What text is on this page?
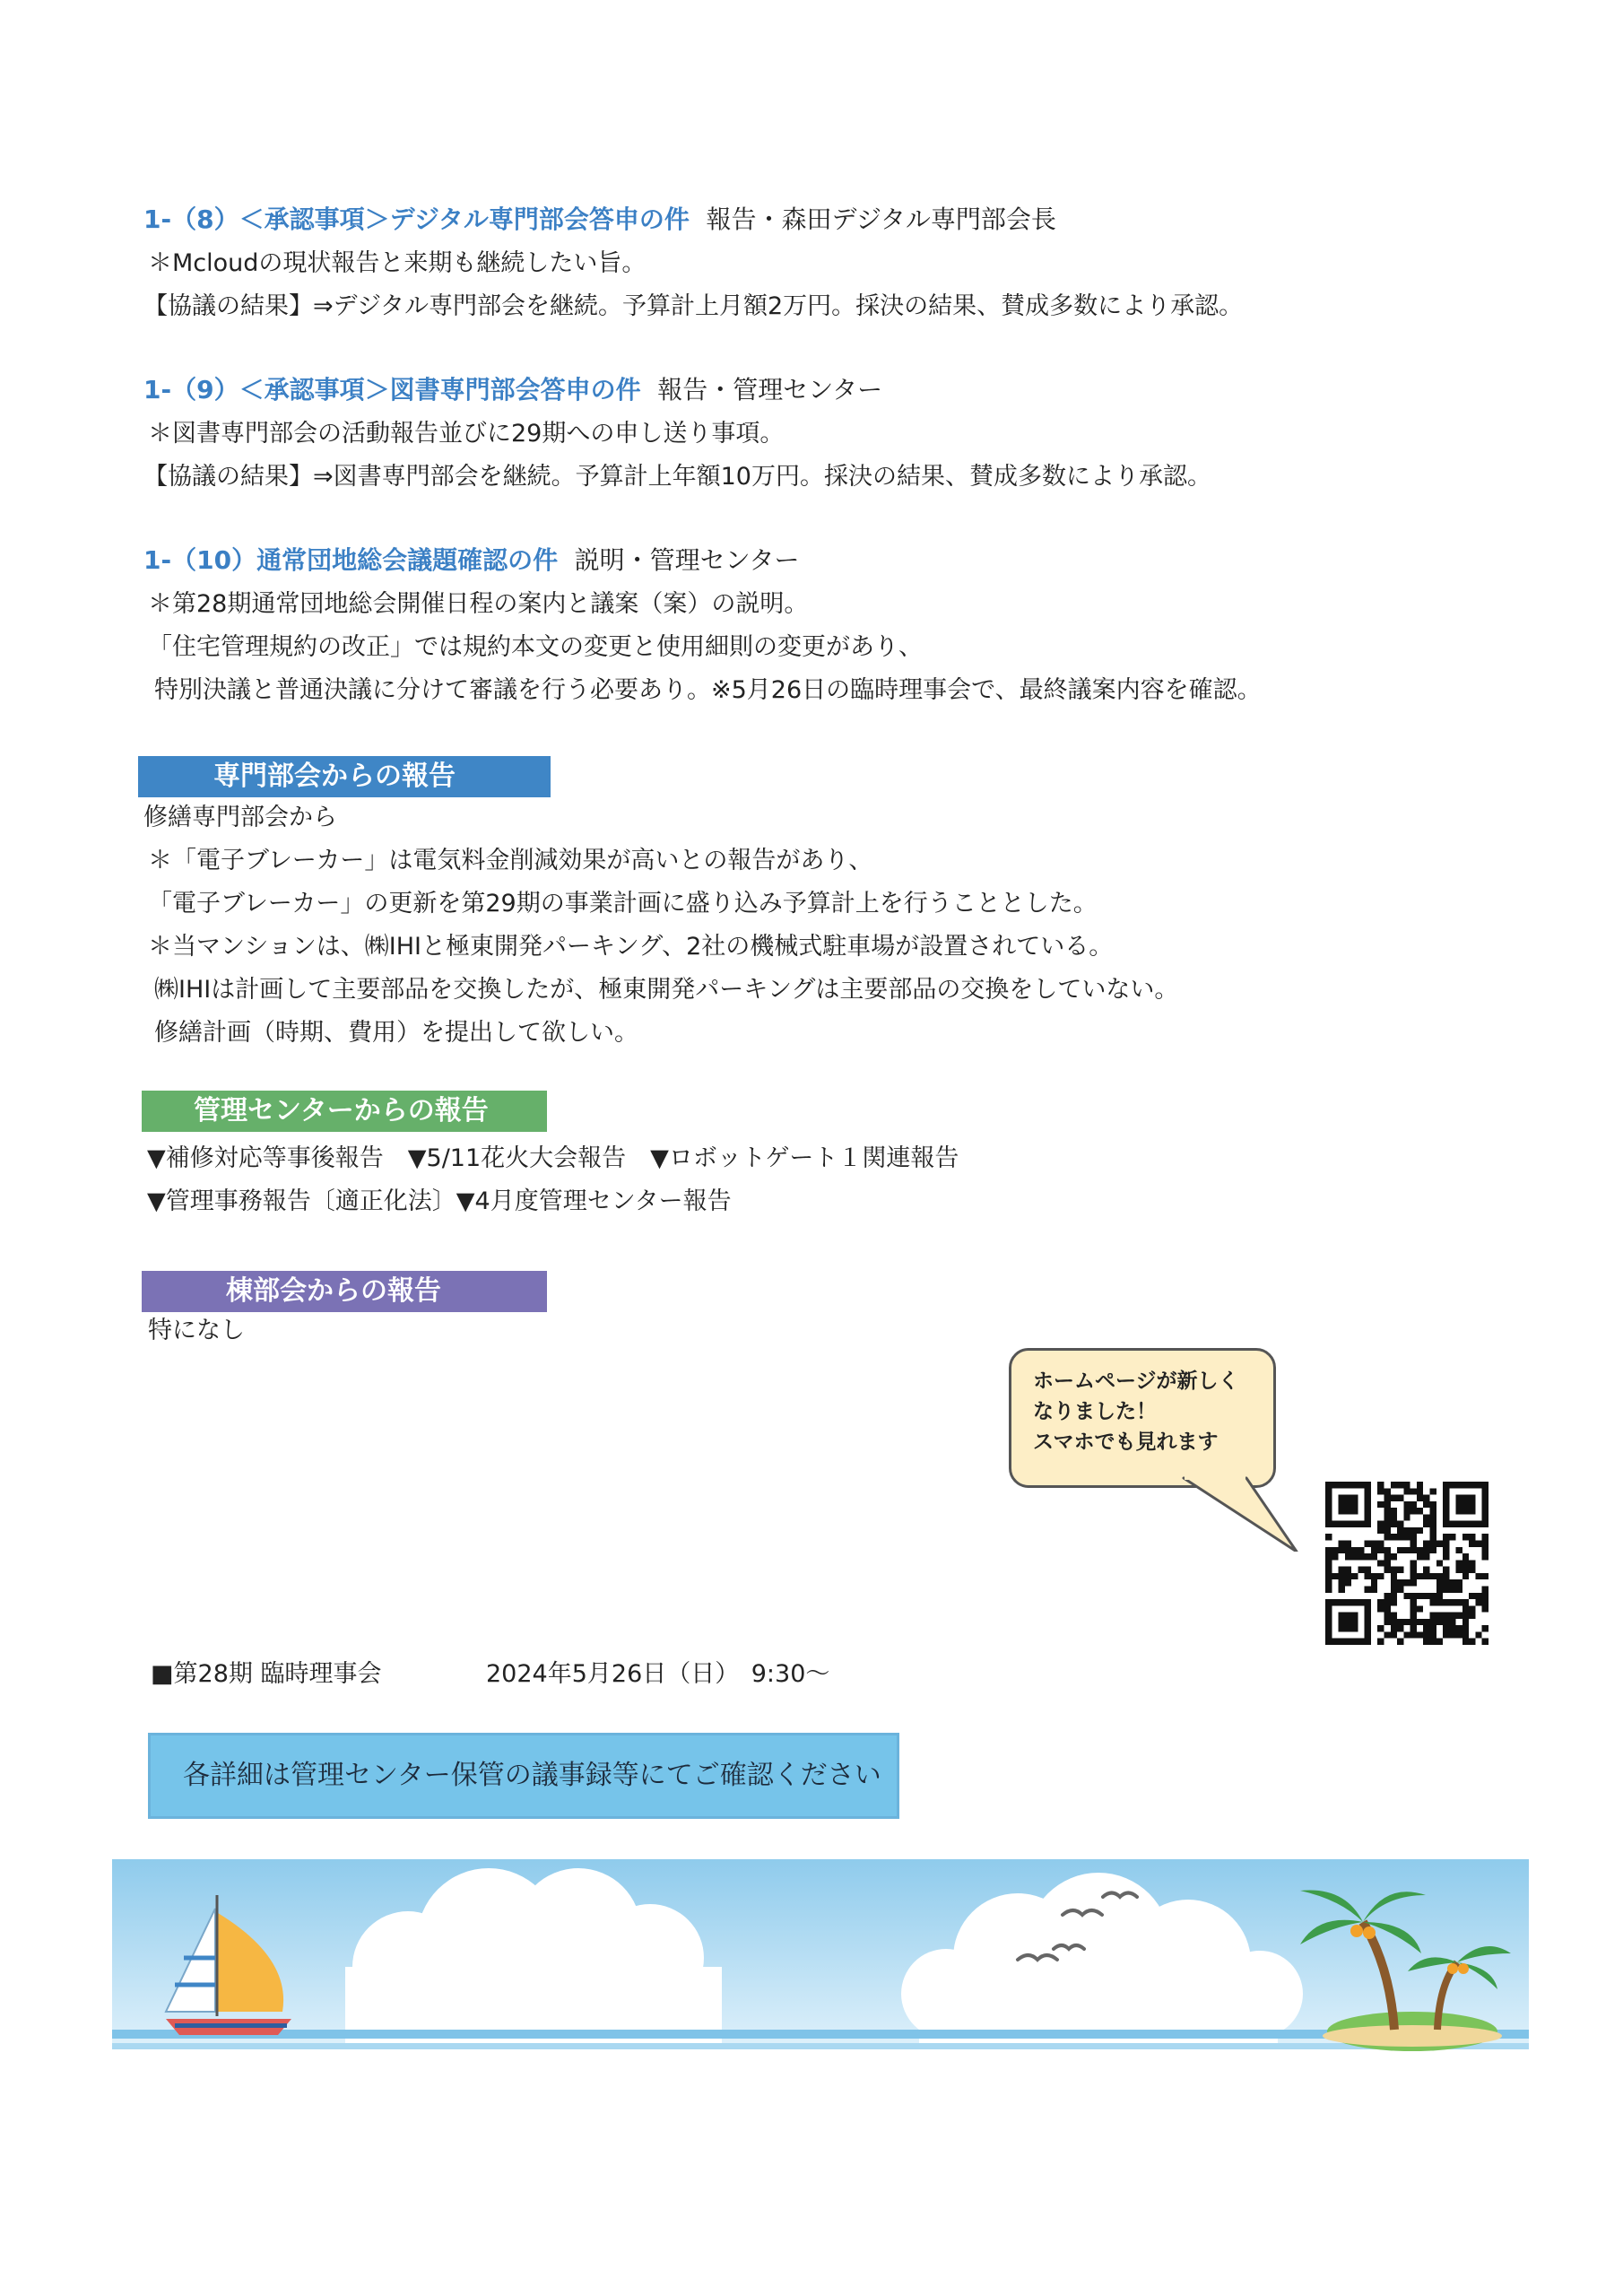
1-（8）＜承認事項＞デジタル専門部会答申の件 報告・森田デジタル専門部会長
＊Mcloudの現状報告と来期も継続したい旨。
【協議の結果】⇒デジタル専門部会を継続。予算計上月額2万円。採決の結果、賛成多数により承認。
1-（9）＜承認事項＞図書専門部会答申の件 報告・管理センター
＊図書専門部会の活動報告並びに29期への申し送り事項。
【協議の結果】⇒図書専門部会を継続。予算計上年額10万円。採決の結果、賛成多数により承認。
1-（10）通常団地総会議題確認の件 説明・管理センター
＊第28期通常団地総会開催日程の案内と議案（案）の説明。
「住宅管理規約の改正」では規約本文の変更と使用細則の変更があり、
特別決議と普通決議に分けて審議を行う必要あり。※5月26日の臨時理事会で、最終議案内容を確認。
専門部会からの報告
修繕専門部会から
＊「電子ブレーカー」は電気料金削減効果が高いとの報告があり、
「電子ブレーカー」の更新を第29期の事業計画に盛り込み予算計上を行うこととした。
＊当マンションは、㈱IHIと極東開発パーキング、2社の機械式駐車場が設置されている。
㈱IHIは計画して主要部品を交換したが、極東開発パーキングは主要部品の交換をしていない。
修繕計画（時期、費用）を提出して欲しい。
管理センターからの報告
▼補修対応等事後報告　▼5/11花火大会報告　▼ロボットゲート１関連報告
▼管理事務報告〔適正化法〕▼4月度管理センター報告
棟部会からの報告
特になし
ホームページが新しく
なりました！
スマホでも見れます
■第28期 臨時理事会	2024年5月26日（日）　9:30～
各詳細は管理センター保管の議事録等にてご確認ください
